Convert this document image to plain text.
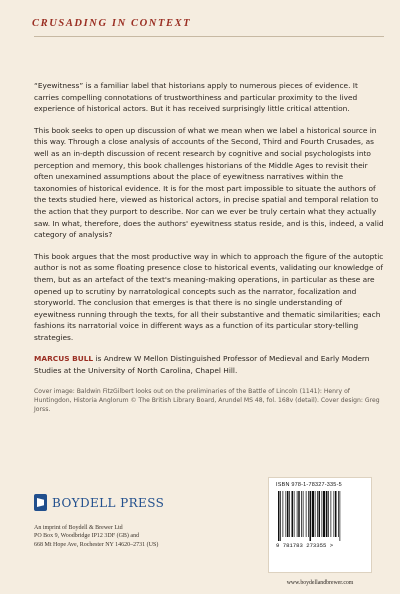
CRUSADING IN CONTEXT

“Eyewitness” is a familiar label that historians apply to numerous pieces of evidence. It carries compelling connotations of trustworthiness and particular proximity to the lived experience of historical actors. But it has received surprisingly little critical attention.

This book seeks to open up discussion of what we mean when we label a historical source in this way. Through a close analysis of accounts of the Second, Third and Fourth Crusades, as well as an in-depth discussion of recent research by cognitive and social psychologists into perception and memory, this book challenges historians of the Middle Ages to revisit their often unexamined assumptions about the place of eyewitness narratives within the taxonomies of historical evidence. It is for the most part impossible to situate the authors of the texts studied here, viewed as historical actors, in precise spatial and temporal relation to the action that they purport to describe. Nor can we ever be truly certain what they actually saw. In what, therefore, does the authors' eyewitness status reside, and is this, indeed, a valid category of analysis?

This book argues that the most productive way in which to approach the figure of the autoptic author is not as some floating presence close to historical events, validating our knowledge of them, but as an artefact of the text's meaning-making operations, in particular as these are opened up to scrutiny by narratological concepts such as the narrator, focalization and storyworld. The conclusion that emerges is that there is no single understanding of eyewitness running through the texts, for all their substantive and thematic similarities; each fashions its narratorial voice in different ways as a function of its particular story-telling strategies.

MARCUS BULL is Andrew W Mellon Distinguished Professor of Medieval and Early Modern Studies at the University of North Carolina, Chapel Hill.

Cover image: Baldwin FitzGilbert looks out on the preliminaries of the Battle of Lincoln (1141): Henry of Huntingdon, Historia Anglorum © The British Library Board, Arundel MS 48, fol. 168v (detail). Cover design: Greg Jorss.
BOYDELL PRESS
An imprint of Boydell & Brewer Ltd
PO Box 9, Woodbridge IP12 3DF (GB) and
668 Mt Hope Ave, Rochester NY 14620–2731 (US)
ISBN 978-1-78327-335-5
9 781783 273355 >
www.boydellandbrewer.com
